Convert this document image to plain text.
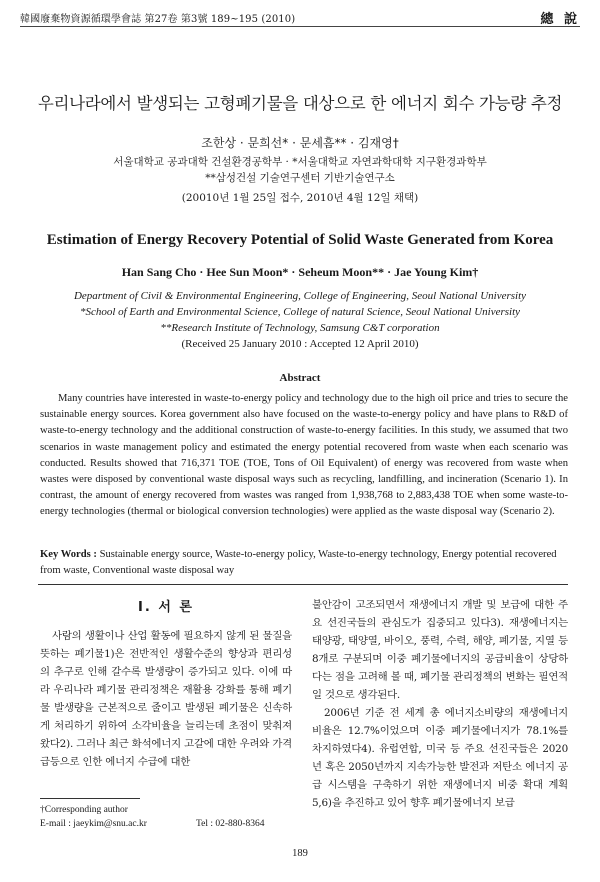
韓國廢棄物資源循環學會誌 第27卷 第3號 189~195 (2010)	總 說
우리나라에서 발생되는 고형폐기물을 대상으로 한 에너지 회수 가능량 추정
조한상 · 문희선* · 문세흠** · 김재영†
서울대학교 공과대학 건설환경공학부 · *서울대학교 자연과학대학 지구환경과학부
**삼성건설 기술연구센터 기반기술연구소
(20010년 1월 25일 접수, 2010년 4월 12일 채택)
Estimation of Energy Recovery Potential of Solid Waste Generated from Korea
Han Sang Cho · Hee Sun Moon* · Seheum Moon** · Jae Young Kim†
Department of Civil & Environmental Engineering, College of Engineering, Seoul National University
*School of Earth and Environmental Science, College of natural Science, Seoul National University
**Research Institute of Technology, Samsung C&T corporation
(Received 25 January 2010 : Accepted 12 April 2010)
Abstract

Many countries have interested in waste-to-energy policy and technology due to the high oil price and tries to secure the sustainable energy sources. Korea government also have focused on the waste-to-energy policy and have plans to R&D of waste-to-energy technology and the additional construction of waste-to-energy facilities. In this study, we assumed that two scenarios in waste management policy and estimated the energy potential recovered from waste when each scenario was conducted. Results showed that 716,371 TOE (TOE, Tons of Oil Equivalent) of energy was recovered from waste when wastes were disposed by conventional waste disposal ways such as recycling, landfilling, and incineration (Scenario 1). In contrast, the amount of energy recovered from wastes was ranged from 1,938,768 to 2,883,438 TOE when some waste-to-energy technologies (thermal or biological conversion technologies) were applied as the waste disposal way (Scenario 2).

Key Words : Sustainable energy source, Waste-to-energy policy, Waste-to-energy technology, Energy potential recovered from waste, Conventional waste disposal way

I. 서 론

사람의 생활이나 산업 활동에 필요하지 않게 된 물질을 뜻하는 폐기물1)은 전반적인 생활수준의 향상과 편리성의 추구로 인해 갈수록 발생량이 증가되고 있다. 이에 따라 우리나라 폐기물 관리정책은 재활용 강화를 통해 폐기물 발생량을 근본적으로 줄이고 발생된 폐기물은 신속하게 처리하기 위하여 소각비율을 늘리는데 초점이 맞춰져 왔다2). 그러나 최근 화석에너지 고갈에 대한 우려와 가격급등으로 인한 에너지 수급에 대한

불안감이 고조되면서 재생에너지 개발 및 보급에 대한 주요 선진국들의 관심도가 집중되고 있다3). 재생에너지는 태양광, 태양열, 바이오, 풍력, 수력, 해양, 폐기물, 지열 등 8개로 구분되며 이중 폐기물에너지의 공급비율이 상당하다는 점을 고려해 볼 때, 폐기물 관리정책의 변화는 필연적일 것으로 생각된다.

2006년 기준 전 세계 총 에너지소비량의 재생에너지 비율은 12.7%이었으며 이중 폐기물에너지가 78.1%를 차지하였다4). 유럽연합, 미국 등 주요 선진국들은 2020년 혹은 2050년까지 지속가능한 발전과 저탄소 에너지 공급 시스템을 구축하기 위한 재생에너지 비중 확대 계획5,6)을 추진하고 있어 향후 폐기물에너지 보급

†Corresponding author
E-mail : jaeykim@snu.ac.kr	Tel : 02-880-8364
189
